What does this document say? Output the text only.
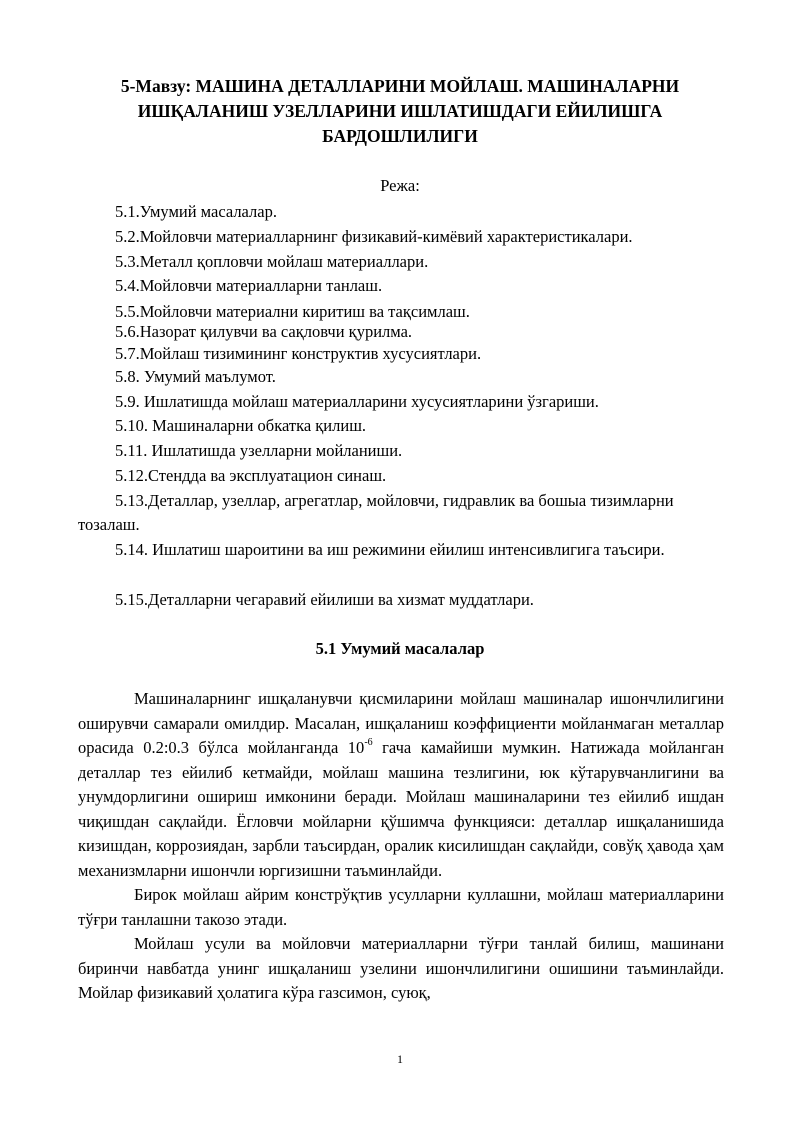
5-Мавзу: МАШИНА ДЕТАЛЛАРИНИ МОЙЛАШ. МАШИНАЛАРНИ
ИШҚАЛАНИШ УЗЕЛЛАРИНИ ИШЛАТИШДАГИ ЕЙИЛИШГА
БАРДОШЛИЛИГИ
Режа:
5.1.Умумий масалалар.
5.2.Мойловчи материалларнинг физикавий-кимёвий характеристикалари.
5.3.Металл қопловчи мойлаш материаллари.
5.4.Мойловчи материалларни танлаш.
5.5.Мойловчи материални киритиш ва тақсимлаш.
5.6.Назорат қилувчи ва сақловчи қурилма.
5.7.Мойлаш тизимининг конструктив хусусиятлари.
5.8. Умумий маълумот.
5.9. Ишлатишда мойлаш материалларини хусусиятларини ўзгариши.
5.10. Машиналарни обкатка қилиш.
5.11. Ишлатишда узелларни мойланиши.
5.12.Стендда ва эксплуатацион синаш.
5.13.Деталлар, узеллар, агрегатлар, мойловчи, гидравлик ва бошыа тизимларни тозалаш.
5.14. Ишлатиш шароитини ва иш режимини ейилиш интенсивлигига таъсири.
5.15.Деталларни чегаравий ейилиши ва хизмат муддатлари.
5.1 Умумий масалалар

Машиналарнинг ишқаланувчи қисмиларини мойлаш машиналар ишончлилигини оширувчи самарали омилдир. Масалан, ишқаланиш коэффициенти мойланмаган металлар орасида 0.2:0.3 бўлса мойланганда $10^{-6}$ гача камайиши мумкин. Натижада мойланган деталлар тез ейилиб кетмайди, мойлаш машина тезлигини, юк кўтарувчанлигини ва унумдорлигини ошириш имконини беради. Мойлаш машиналарини тез ейилиб ишдан чиқишдан сақлайди. Ёгловчи мойларни қўшимча функцияси: деталлар ишқаланишида кизишдан, коррозиядан, зарбли таъсирдан, оралик кисилишдан сақлайди, совўқ ҳавода ҳам механизмларни ишончли юргизишни таъминлайди.

Бирок мойлаш айрим констрўқтив усулларни куллашни, мойлаш материалларини тўғри танлашни такозо этади.

Мойлаш усули ва мойловчи материалларни тўғри танлай билиш, машинани биринчи навбатда унинг ишқаланиш узелини ишончлилигини ошишини таъминлайди. Мойлар физикавий ҳолатига кўра газсимон, суюқ,

1
